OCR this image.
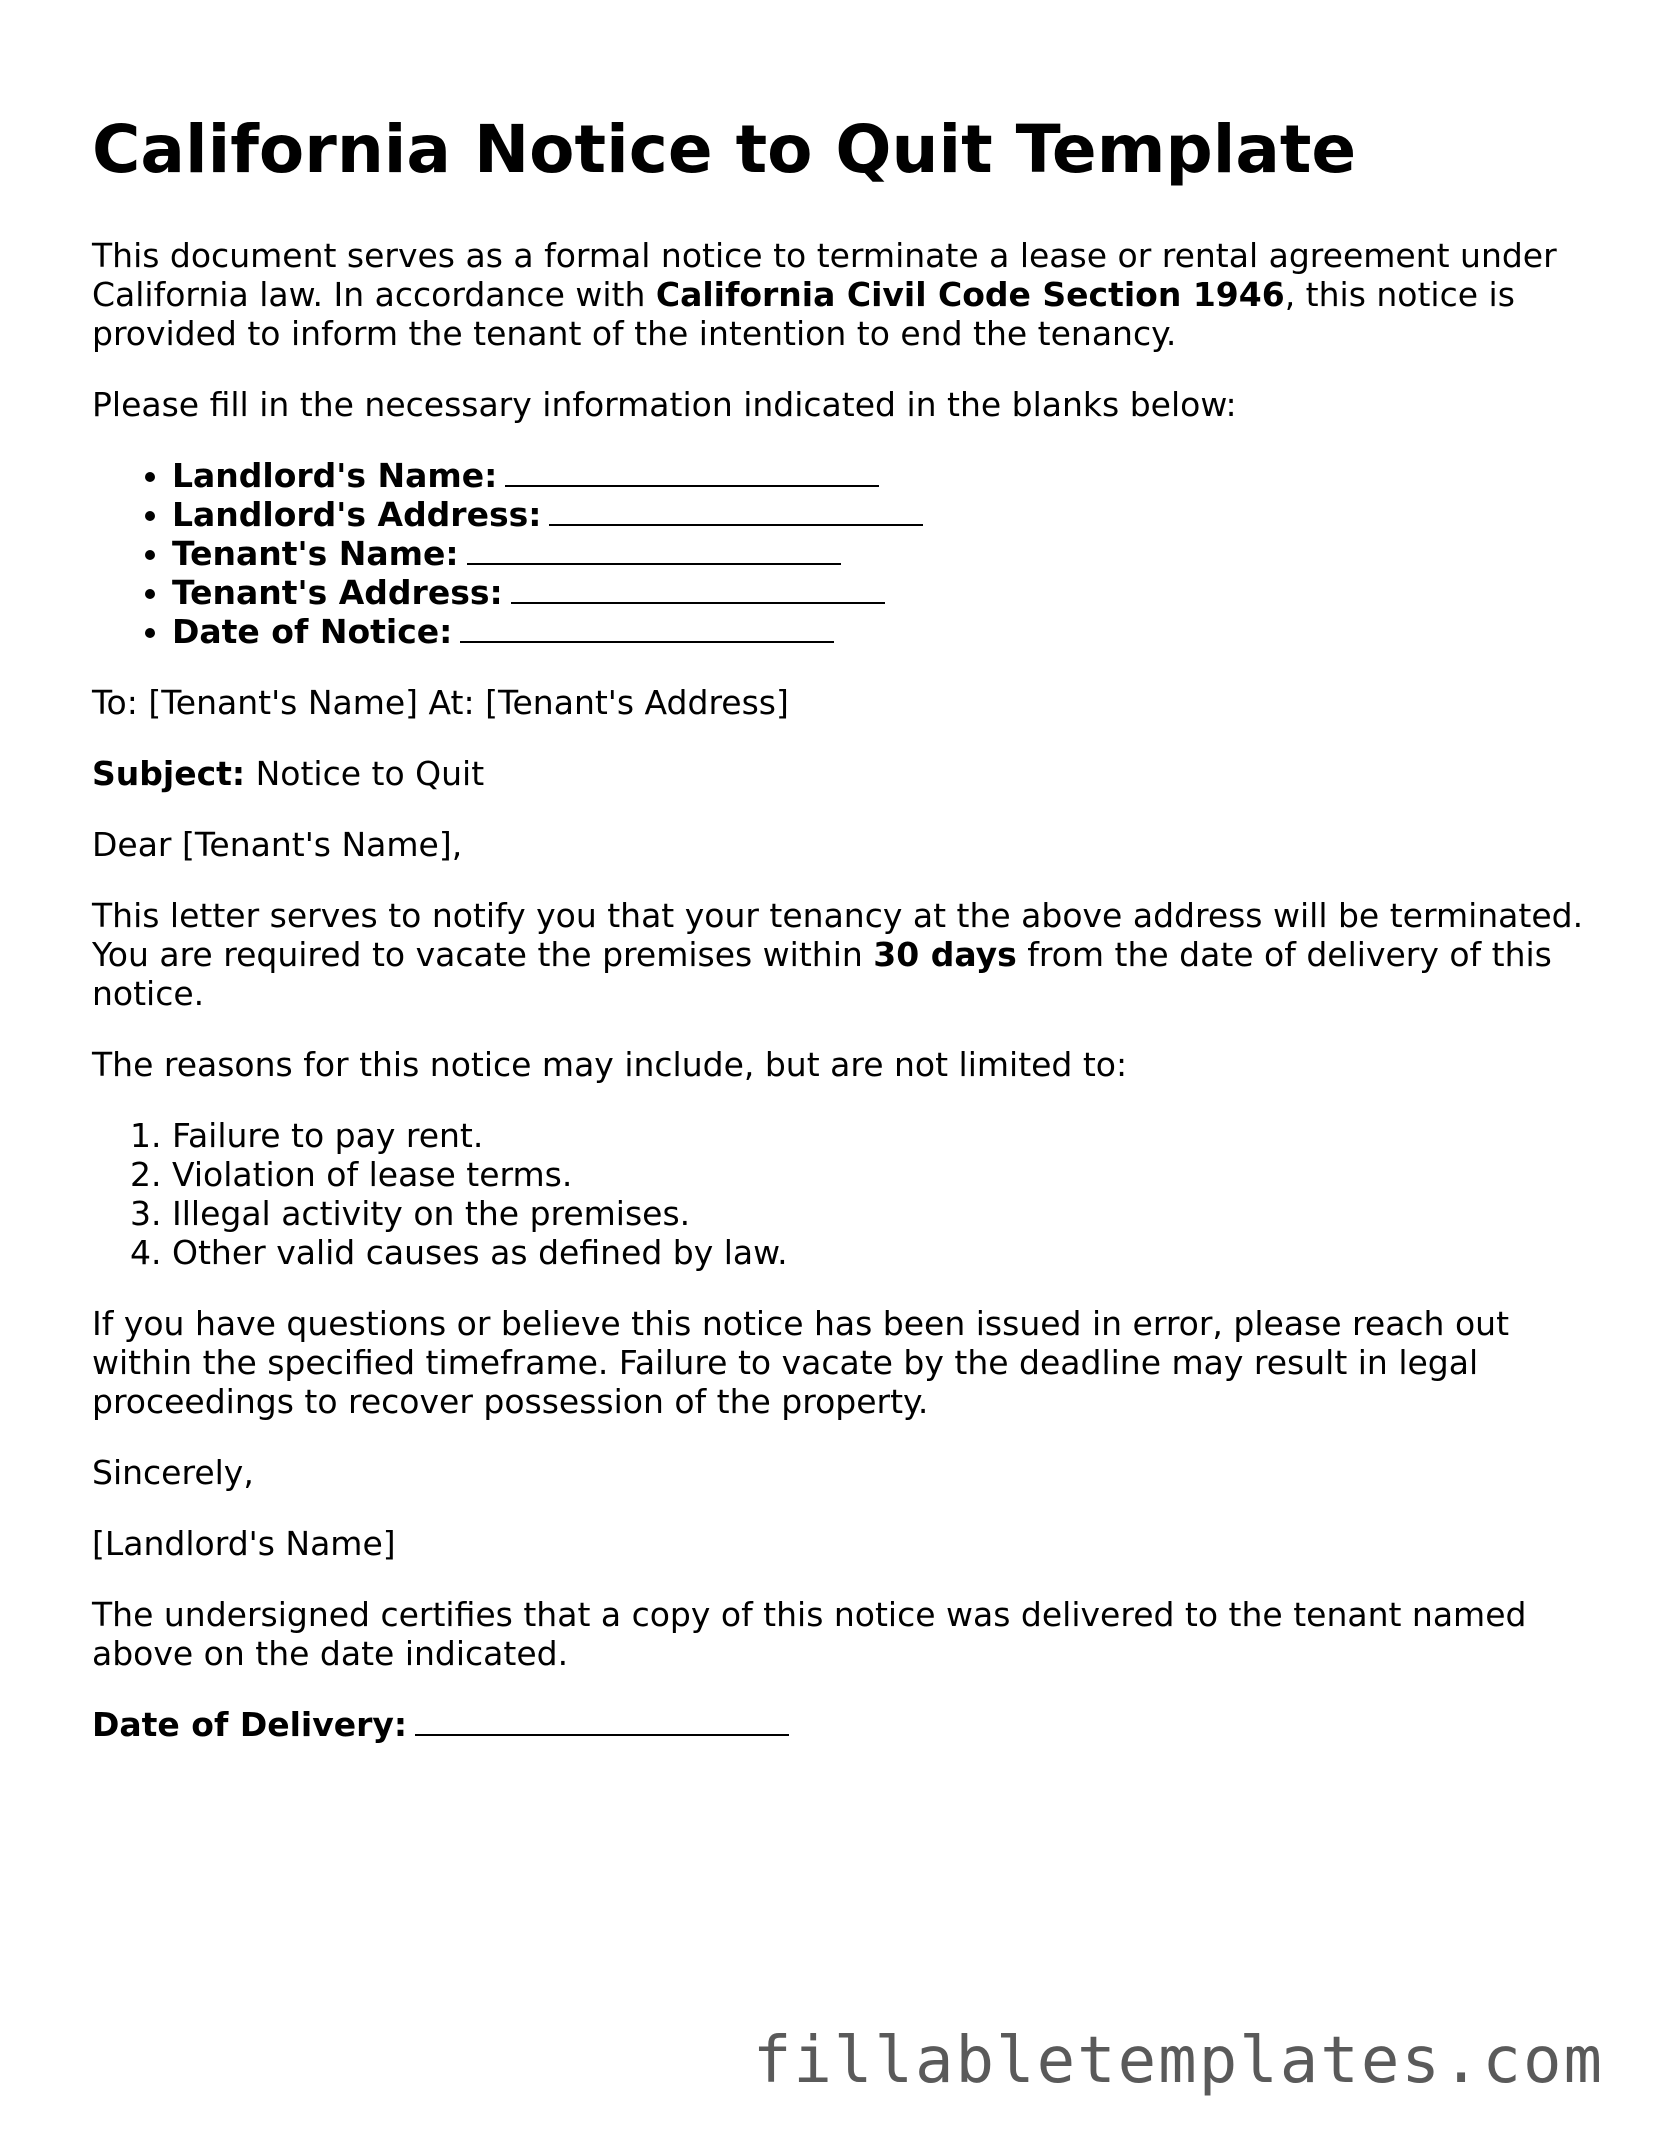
California Notice to Quit Template

This document serves as a formal notice to terminate a lease or rental agreement under California law. In accordance with California Civil Code Section 1946, this notice is provided to inform the tenant of the intention to end the tenancy.

Please fill in the necessary information indicated in the blanks below:

• Landlord's Name:
• Landlord's Address:
• Tenant's Name:
• Tenant's Address:
• Date of Notice:

To: [Tenant's Name] At: [Tenant's Address]

Subject: Notice to Quit

Dear [Tenant's Name],

This letter serves to notify you that your tenancy at the above address will be terminated. You are required to vacate the premises within 30 days from the date of delivery of this notice.

The reasons for this notice may include, but are not limited to:

1. Failure to pay rent.
2. Violation of lease terms.
3. Illegal activity on the premises.
4. Other valid causes as defined by law.

If you have questions or believe this notice has been issued in error, please reach out within the specified timeframe. Failure to vacate by the deadline may result in legal proceedings to recover possession of the property.

Sincerely,

[Landlord's Name]

The undersigned certifies that a copy of this notice was delivered to the tenant named above on the date indicated.

Date of Delivery:

fillabletemplates.com
